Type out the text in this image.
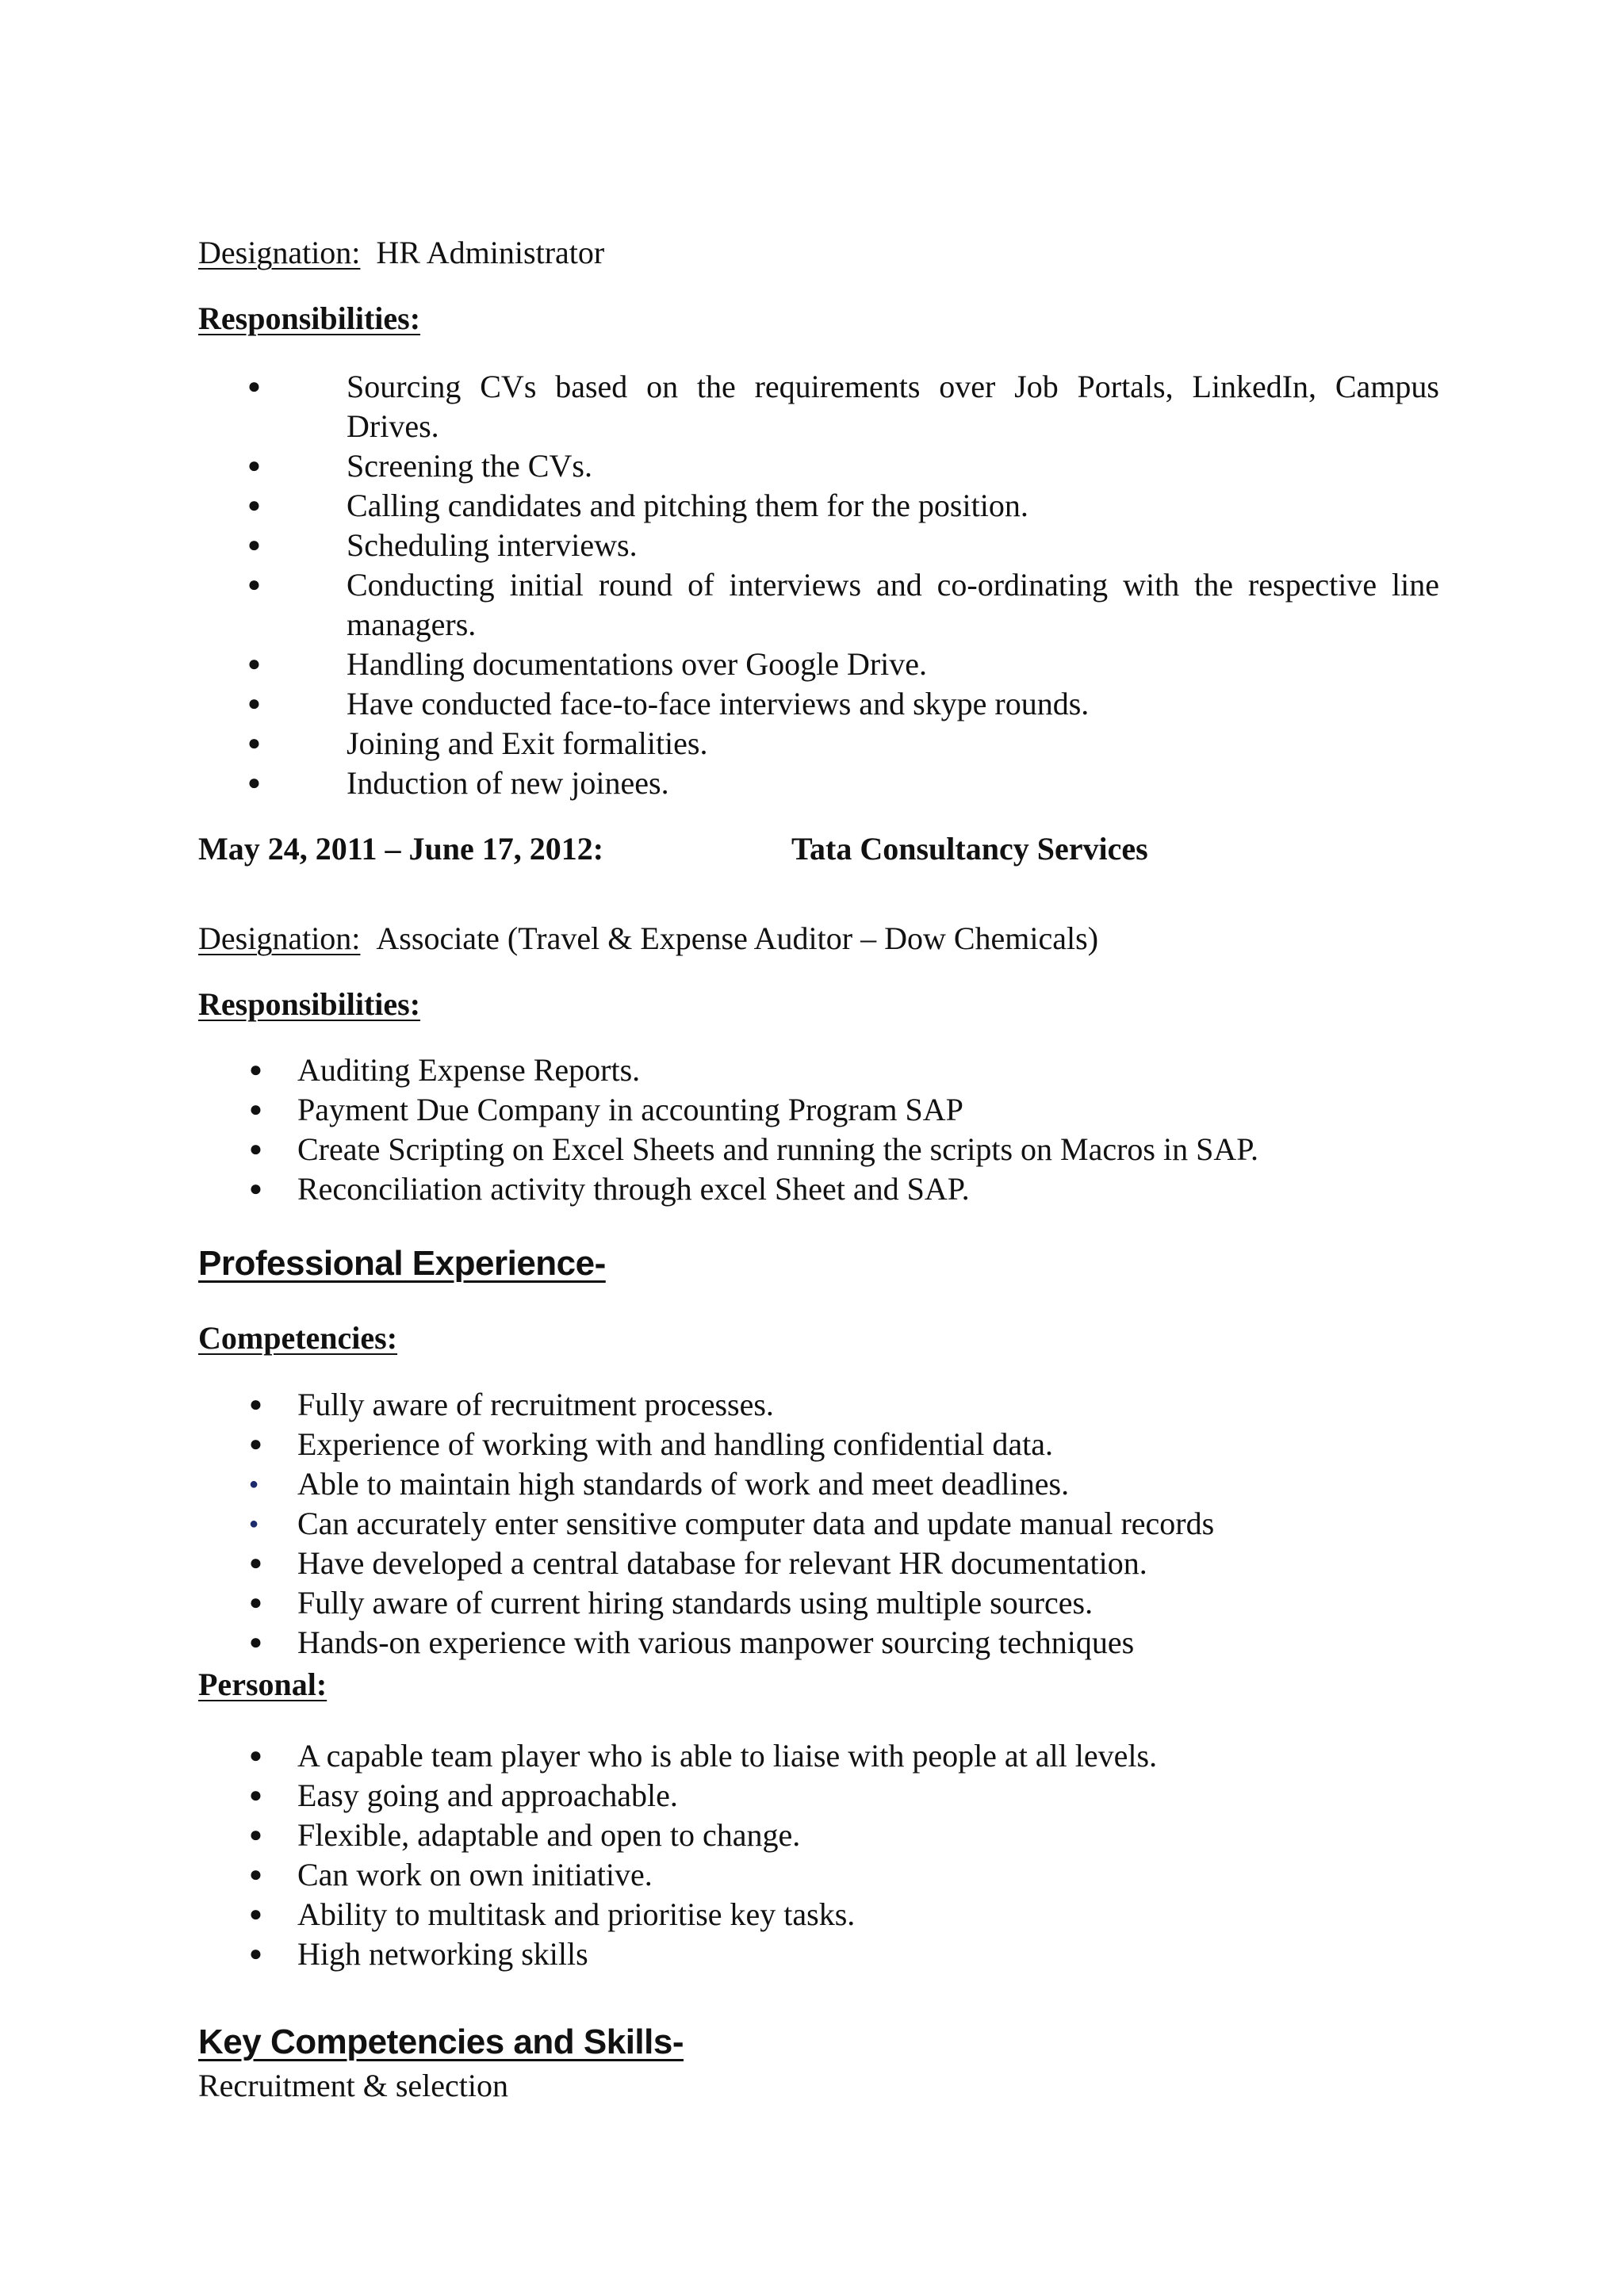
Designation: HR Administrator
Responsibilities:
●	Sourcing CVs based on the requirements over Job Portals, LinkedIn, Campus
Drives.
●	Screening the CVs.
●	Calling candidates and pitching them for the position.
●	Scheduling interviews.
●	Conducting initial round of interviews and co-ordinating with the respective line
managers.
●	Handling documentations over Google Drive.
●	Have conducted face-to-face interviews and skype rounds.
●	Joining and Exit formalities.
●	Induction of new joinees.
May 24, 2011 – June 17, 2012:	Tata Consultancy Services
Designation: Associate (Travel & Expense Auditor – Dow Chemicals)
Responsibilities:
● Auditing Expense Reports.
● Payment Due Company in accounting Program SAP
● Create Scripting on Excel Sheets and running the scripts on Macros in SAP.
● Reconciliation activity through excel Sheet and SAP.
Professional Experience-
Competencies:
● Fully aware of recruitment processes.
● Experience of working with and handling confidential data.
● Able to maintain high standards of work and meet deadlines.
● Can accurately enter sensitive computer data and update manual records
● Have developed a central database for relevant HR documentation.
● Fully aware of current hiring standards using multiple sources.
● Hands-on experience with various manpower sourcing techniques
Personal:
● A capable team player who is able to liaise with people at all levels.
● Easy going and approachable.
● Flexible, adaptable and open to change.
● Can work on own initiative.
● Ability to multitask and prioritise key tasks.
● High networking skills
Key Competencies and Skills-
Recruitment & selection
